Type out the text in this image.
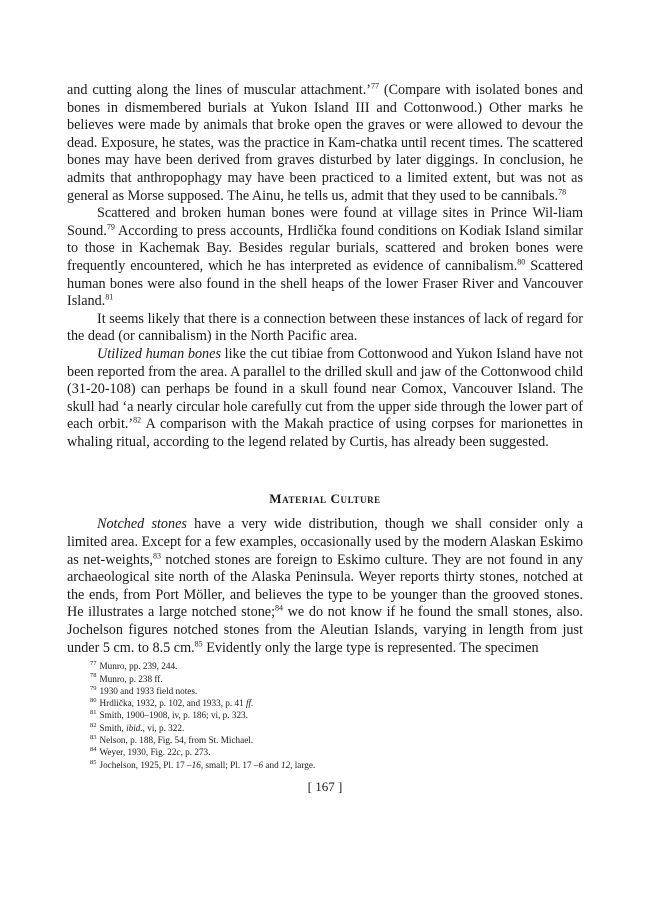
and cutting along the lines of muscular attachment.’$^{77}$ (Compare with isolated bones and bones in dismembered burials at Yukon Island III and Cottonwood.) Other marks he believes were made by animals that broke open the graves or were allowed to devour the dead. Exposure, he states, was the practice in Kam-chatka until recent times. The scattered bones may have been derived from graves disturbed by later diggings. In conclusion, he admits that anthropophagy may have been practiced to a limited extent, but was not as general as Morse supposed. The Ainu, he tells us, admit that they used to be cannibals.$^{78}$

Scattered and broken human bones were found at village sites in Prince Wil-liam Sound.$^{79}$ According to press accounts, Hrdlička found conditions on Kodiak Island similar to those in Kachemak Bay. Besides regular burials, scattered and broken bones were frequently encountered, which he has interpreted as evidence of cannibalism.$^{80}$ Scattered human bones were also found in the shell heaps of the lower Fraser River and Vancouver Island.$^{81}$

It seems likely that there is a connection between these instances of lack of regard for the dead (or cannibalism) in the North Pacific area.

Utilized human bones like the cut tibiae from Cottonwood and Yukon Island have not been reported from the area. A parallel to the drilled skull and jaw of the Cottonwood child (31-20-108) can perhaps be found in a skull found near Comox, Vancouver Island. The skull had ‘a nearly circular hole carefully cut from the upper side through the lower part of each orbit.’$^{82}$ A comparison with the Makah practice of using corpses for marionettes in whaling ritual, according to the legend related by Curtis, has already been suggested.

Material Culture

Notched stones have a very wide distribution, though we shall consider only a limited area. Except for a few examples, occasionally used by the modern Alaskan Eskimo as net-weights,$^{83}$ notched stones are foreign to Eskimo culture. They are not found in any archaeological site north of the Alaska Peninsula. Weyer reports thirty stones, notched at the ends, from Port Möller, and believes the type to be younger than the grooved stones. He illustrates a large notched stone;$^{84}$ we do not know if he found the small stones, also. Jochelson figures notched stones from the Aleutian Islands, varying in length from just under 5 cm. to 8.5 cm.$^{85}$ Evidently only the large type is represented. The specimen

$^{77}$ Munro, pp. 239, 244.
$^{78}$ Munro, p. 238 ff.
$^{79}$ 1930 and 1933 field notes.
$^{80}$ Hrdlička, 1932, p. 102, and 1933, p. 41 ff.
$^{81}$ Smith, 1900–1908, iv, p. 186; vi, p. 323.
$^{82}$ Smith, ibid., vi, p. 322.
$^{83}$ Nelson, p. 188, Fig. 54, from St. Michael.
$^{84}$ Weyer, 1930, Fig. 22c, p. 273.
$^{85}$ Jochelson, 1925, Pl. 17 –16, small; Pl. 17 –6 and 12, large.
[ 167 ]
